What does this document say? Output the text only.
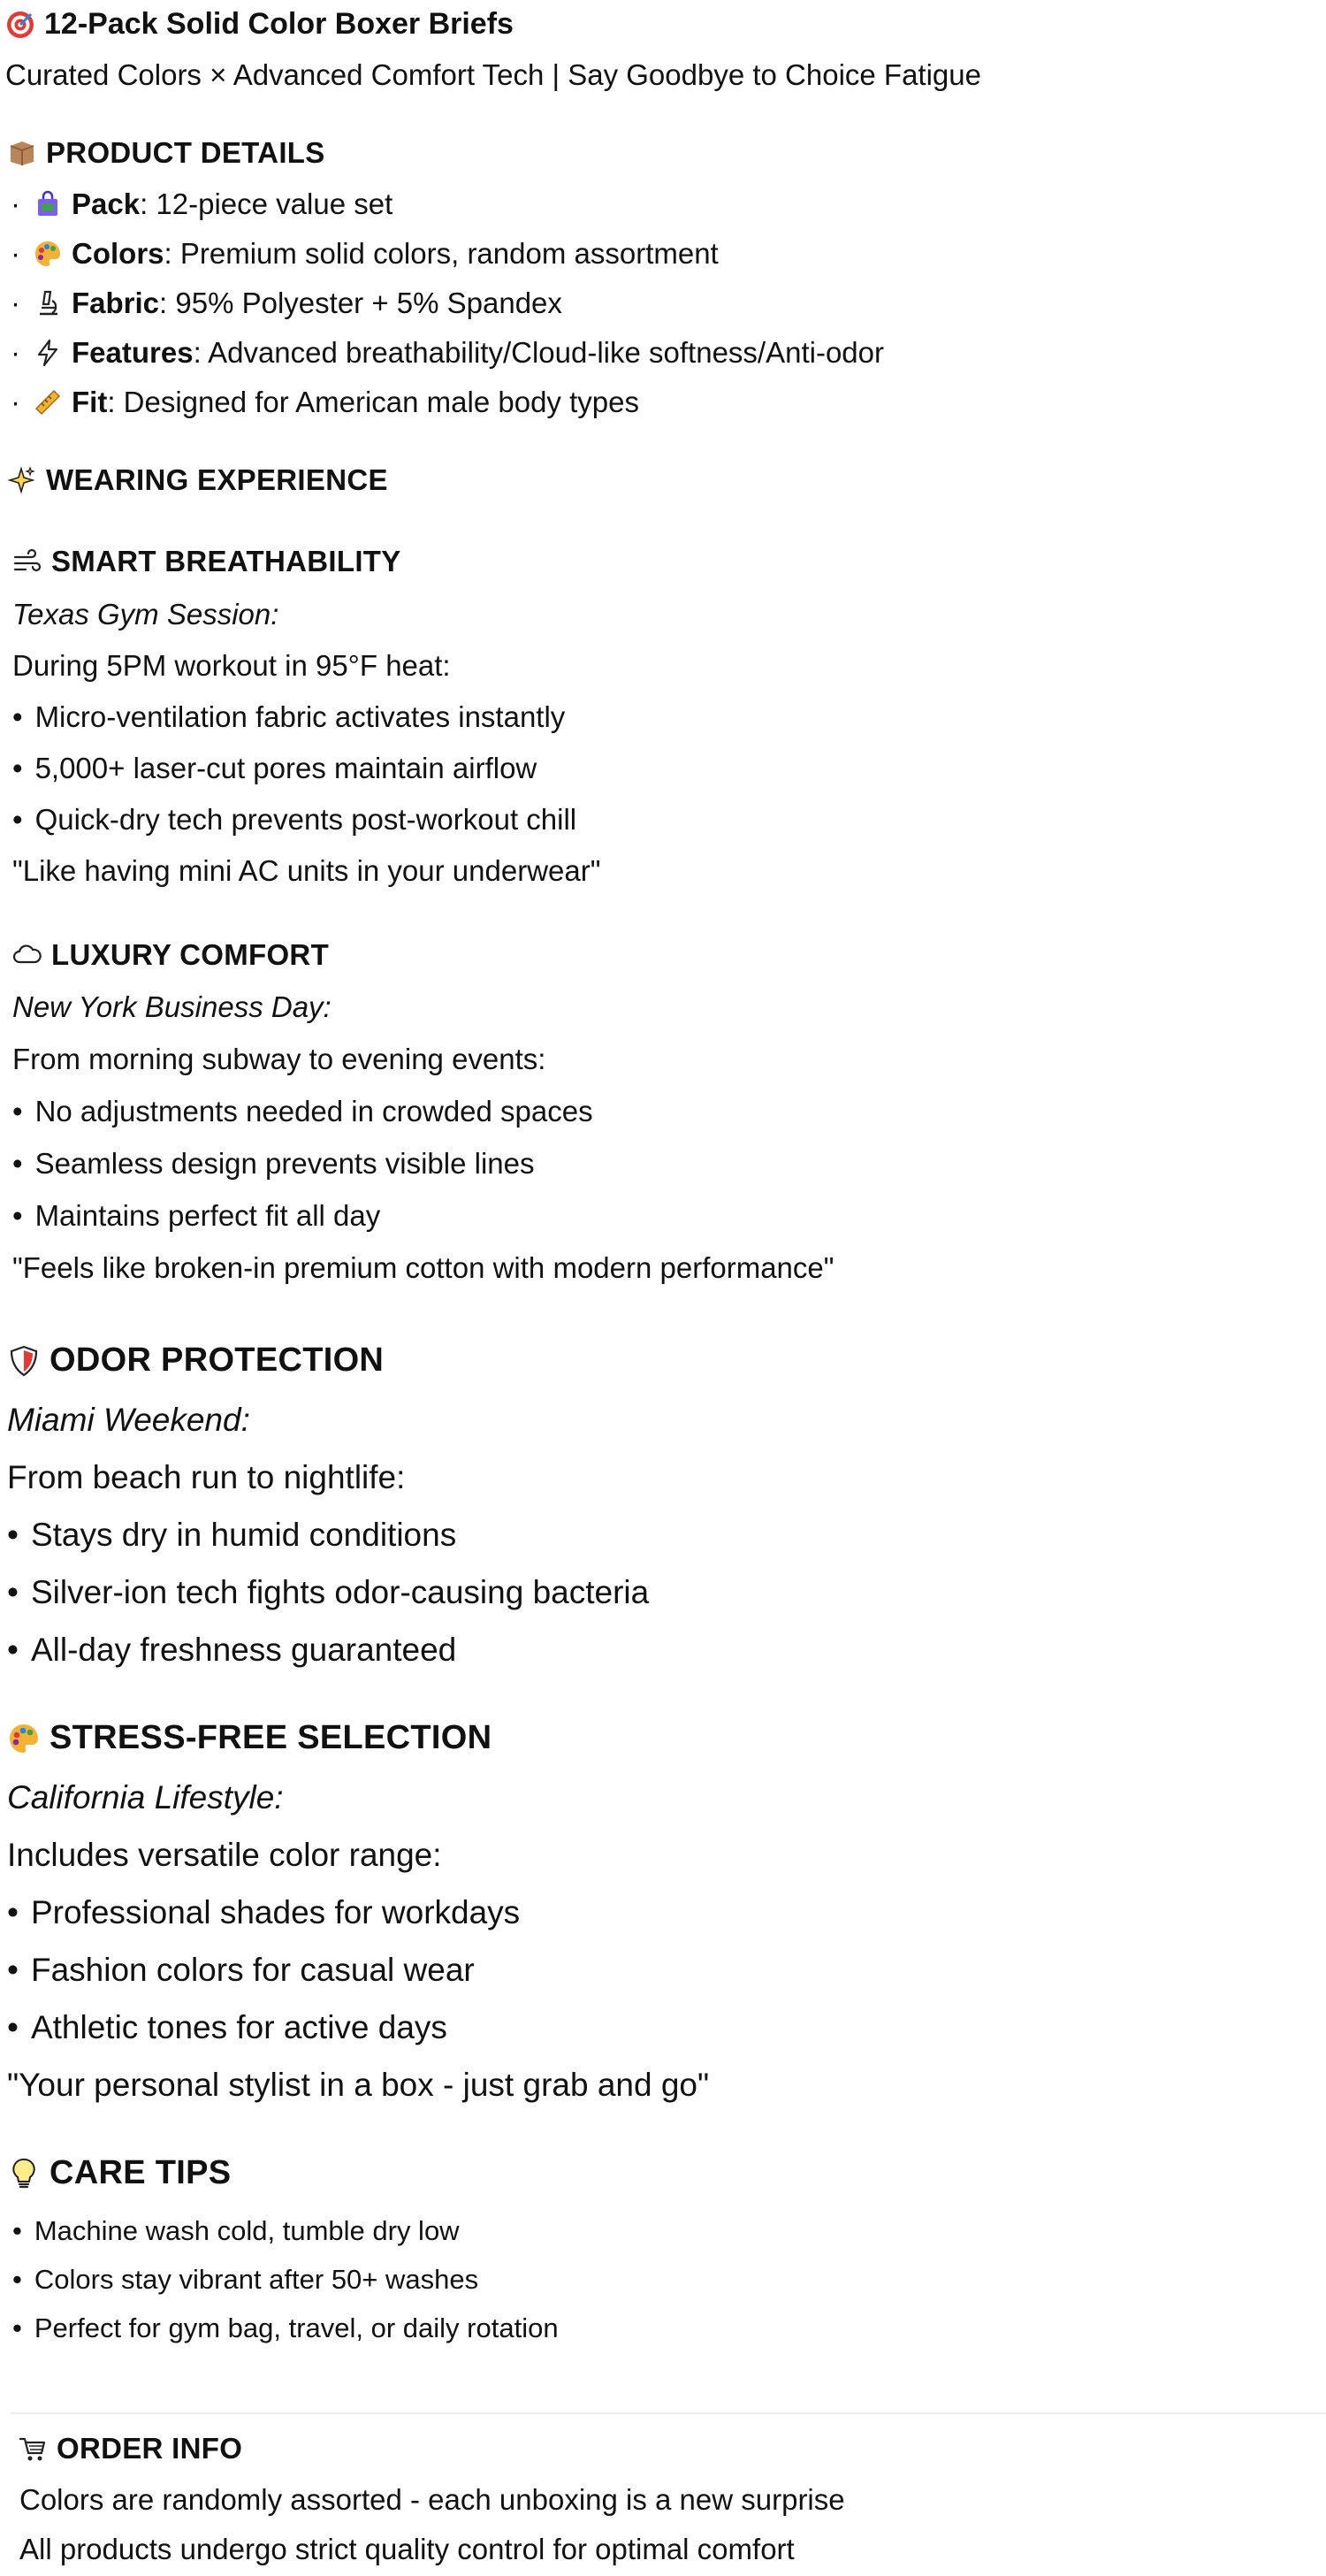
12-Pack Solid Color Boxer Briefs
Curated Colors × Advanced Comfort Tech | Say Goodbye to Choice Fatigue
PRODUCT DETAILS
· Pack : 12-piece value set
· Colors : Premium solid colors, random assortment
· Fabric : 95% Polyester + 5% Spandex
· Features : Advanced breathability/Cloud-like softness/Anti-odor
· Fit : Designed for American male body types
WEARING EXPERIENCE
SMART BREATHABILITY
Texas Gym Session:
During 5PM workout in 95°F heat:
• Micro-ventilation fabric activates instantly
• 5,000+ laser-cut pores maintain airflow
• Quick-dry tech prevents post-workout chill
"Like having mini AC units in your underwear"
LUXURY COMFORT
New York Business Day:
From morning subway to evening events:
• No adjustments needed in crowded spaces
• Seamless design prevents visible lines
• Maintains perfect fit all day
"Feels like broken-in premium cotton with modern performance"
ODOR PROTECTION
Miami Weekend:
From beach run to nightlife:
• Stays dry in humid conditions
• Silver-ion tech fights odor-causing bacteria
• All-day freshness guaranteed
STRESS-FREE SELECTION
California Lifestyle:
Includes versatile color range:
• Professional shades for workdays
• Fashion colors for casual wear
• Athletic tones for active days
"Your personal stylist in a box - just grab and go"
CARE TIPS
• Machine wash cold, tumble dry low
• Colors stay vibrant after 50+ washes
• Perfect for gym bag, travel, or daily rotation
ORDER INFO
Colors are randomly assorted - each unboxing is a new surprise
All products undergo strict quality control for optimal comfort
